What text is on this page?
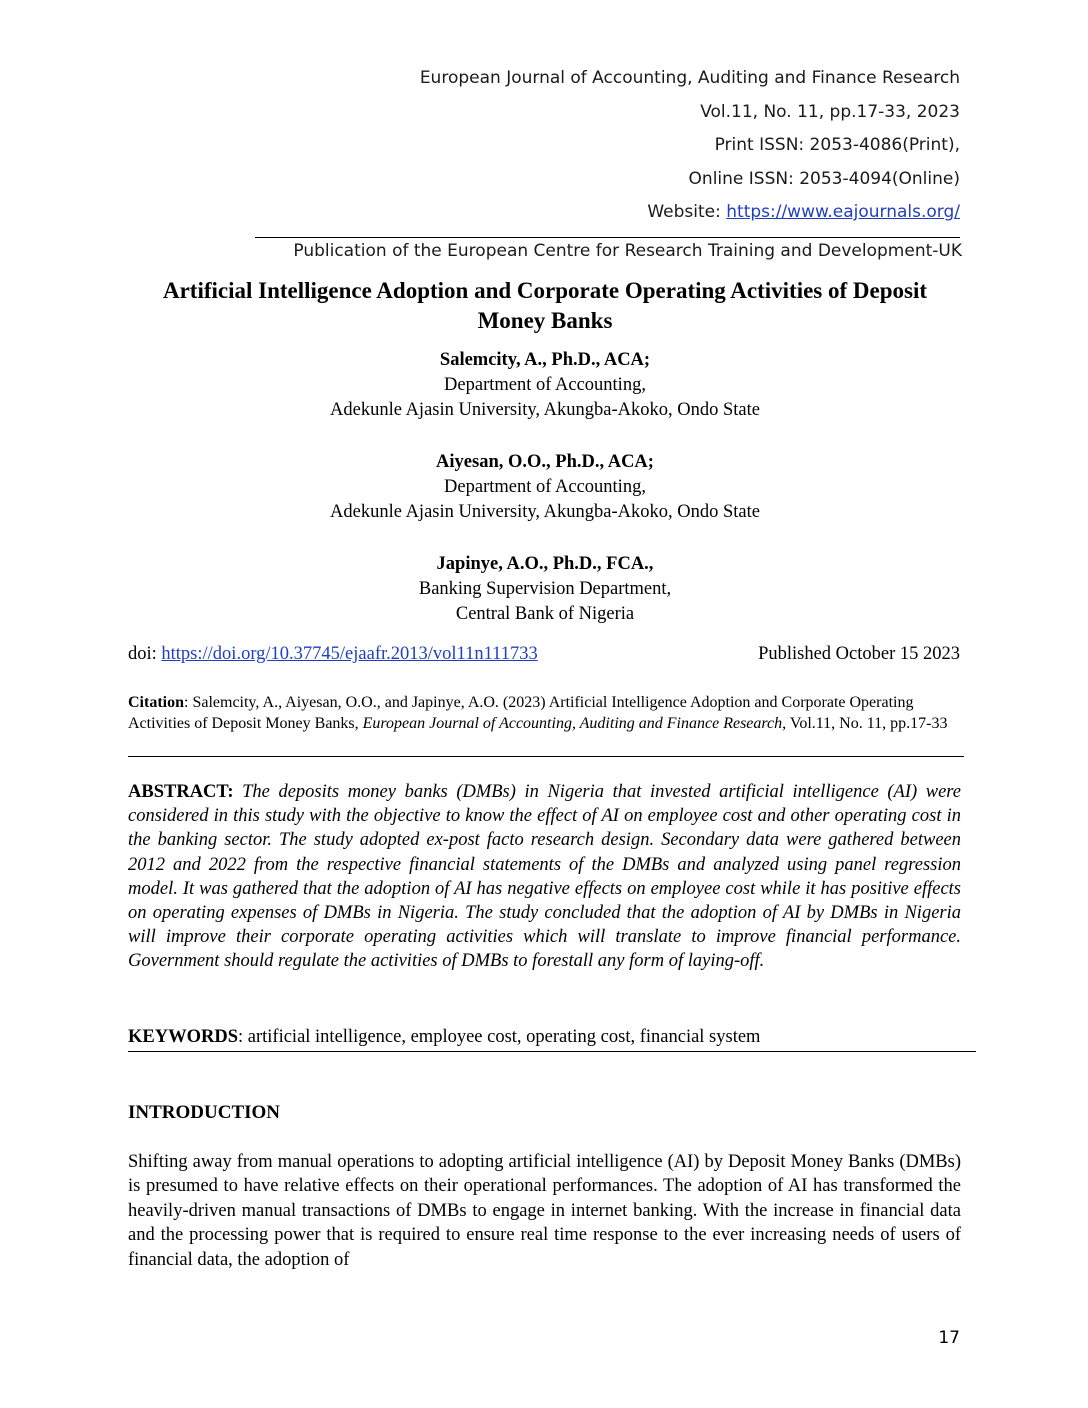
European Journal of Accounting, Auditing and Finance Research
Vol.11, No. 11, pp.17-33, 2023
Print ISSN: 2053-4086(Print),
Online ISSN: 2053-4094(Online)
Website: https://www.eajournals.org/
Publication of the European Centre for Research Training and Development-UK
Artificial Intelligence Adoption and Corporate Operating Activities of Deposit
Money Banks
Salemcity, A., Ph.D., ACA;
Department of Accounting,
Adekunle Ajasin University, Akungba-Akoko, Ondo State
Aiyesan, O.O., Ph.D., ACA;
Department of Accounting,
Adekunle Ajasin University, Akungba-Akoko, Ondo State
Japinye, A.O., Ph.D., FCA.,
Banking Supervision Department,
Central Bank of Nigeria
doi: https://doi.org/10.37745/ejaafr.2013/vol11n111733	Published October 15 2023
Citation: Salemcity, A., Aiyesan, O.O., and Japinye, A.O. (2023) Artificial Intelligence Adoption and Corporate Operating Activities of Deposit Money Banks, European Journal of Accounting, Auditing and Finance Research, Vol.11, No. 11, pp.17-33
ABSTRACT: The deposits money banks (DMBs) in Nigeria that invested artificial intelligence (AI) were considered in this study with the objective to know the effect of AI on employee cost and other operating cost in the banking sector. The study adopted ex-post facto research design. Secondary data were gathered between 2012 and 2022 from the respective financial statements of the DMBs and analyzed using panel regression model. It was gathered that the adoption of AI has negative effects on employee cost while it has positive effects on operating expenses of DMBs in Nigeria. The study concluded that the adoption of AI by DMBs in Nigeria will improve their corporate operating activities which will translate to improve financial performance. Government should regulate the activities of DMBs to forestall any form of laying-off.
KEYWORDS: artificial intelligence, employee cost, operating cost, financial system
INTRODUCTION
Shifting away from manual operations to adopting artificial intelligence (AI) by Deposit Money Banks (DMBs) is presumed to have relative effects on their operational performances. The adoption of AI has transformed the heavily-driven manual transactions of DMBs to engage in internet banking. With the increase in financial data and the processing power that is required to ensure real time response to the ever increasing needs of users of financial data, the adoption of
17
